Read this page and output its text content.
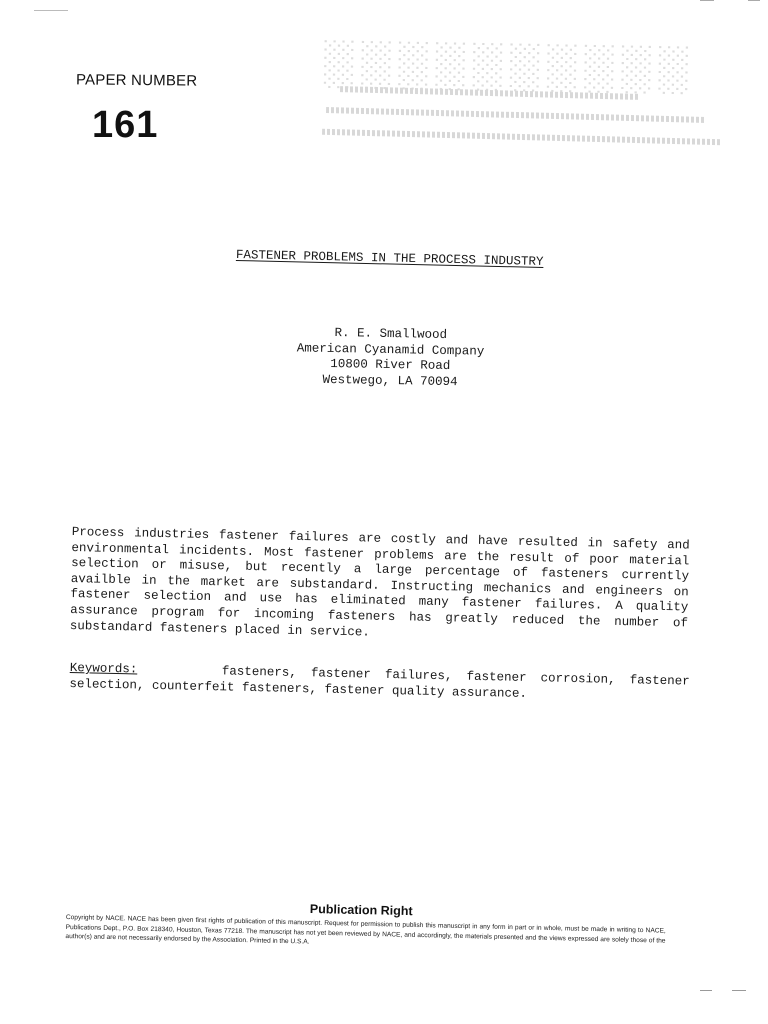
░░░░░░░░░░
PAPER NUMBER
161
FASTENER PROBLEMS IN THE PROCESS INDUSTRY
R. E. Smallwood
American Cyanamid Company
10800 River Road
Westwego, LA 70094

Process industries fastener failures are costly and have resulted in safety and environmental incidents. Most fastener problems are the result of poor material selection or misuse, but recently a large percentage of fasteners currently availble in the market are substandard. Instructing mechanics and engineers on fastener selection and use has eliminated many fastener failures. A quality assurance program for incoming fasteners has greatly reduced the number of substandard fasteners placed in service.

Keywords:	fasteners, fastener failures, fastener corrosion, fastener selection, counterfeit fasteners, fastener quality assurance.
Publication Right
Copyright by NACE. NACE has been given first rights of publication of this manuscript. Request for permission to publish this manuscript in any form in part or in whole, must be made in writing to NACE, Publications Dept., P.O. Box 218340, Houston, Texas 77218. The manuscript has not yet been reviewed by NACE, and accordingly, the materials presented and the views expressed are solely those of the author(s) and are not necessarily endorsed by the Association. Printed in the U.S.A.
